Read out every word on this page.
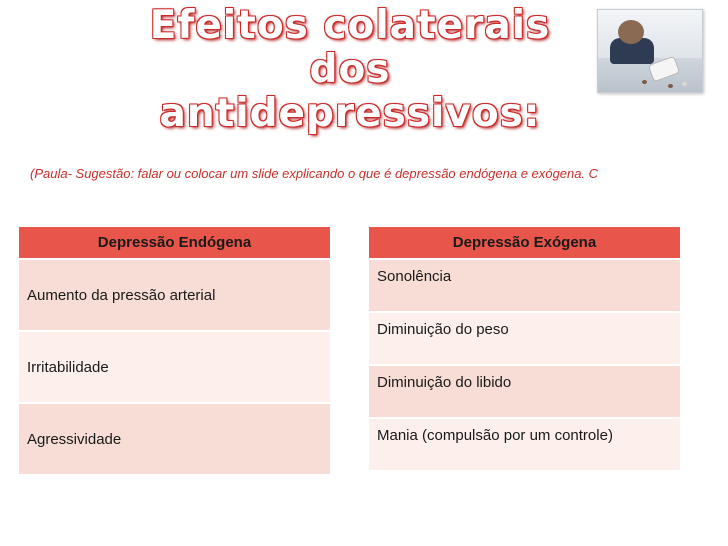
Efeitos colaterais dos
antidepressivos:
(Paula- Sugestão: falar ou colocar um slide explicando o que é depressão endógena e exógena. C
Depressão Endógena
Aumento da pressão arterial
Irritabilidade
Agressividade
Depressão Exógena
Sonolência
Diminuição do peso
Diminuição do libido
Mania (compulsão por um controle)
